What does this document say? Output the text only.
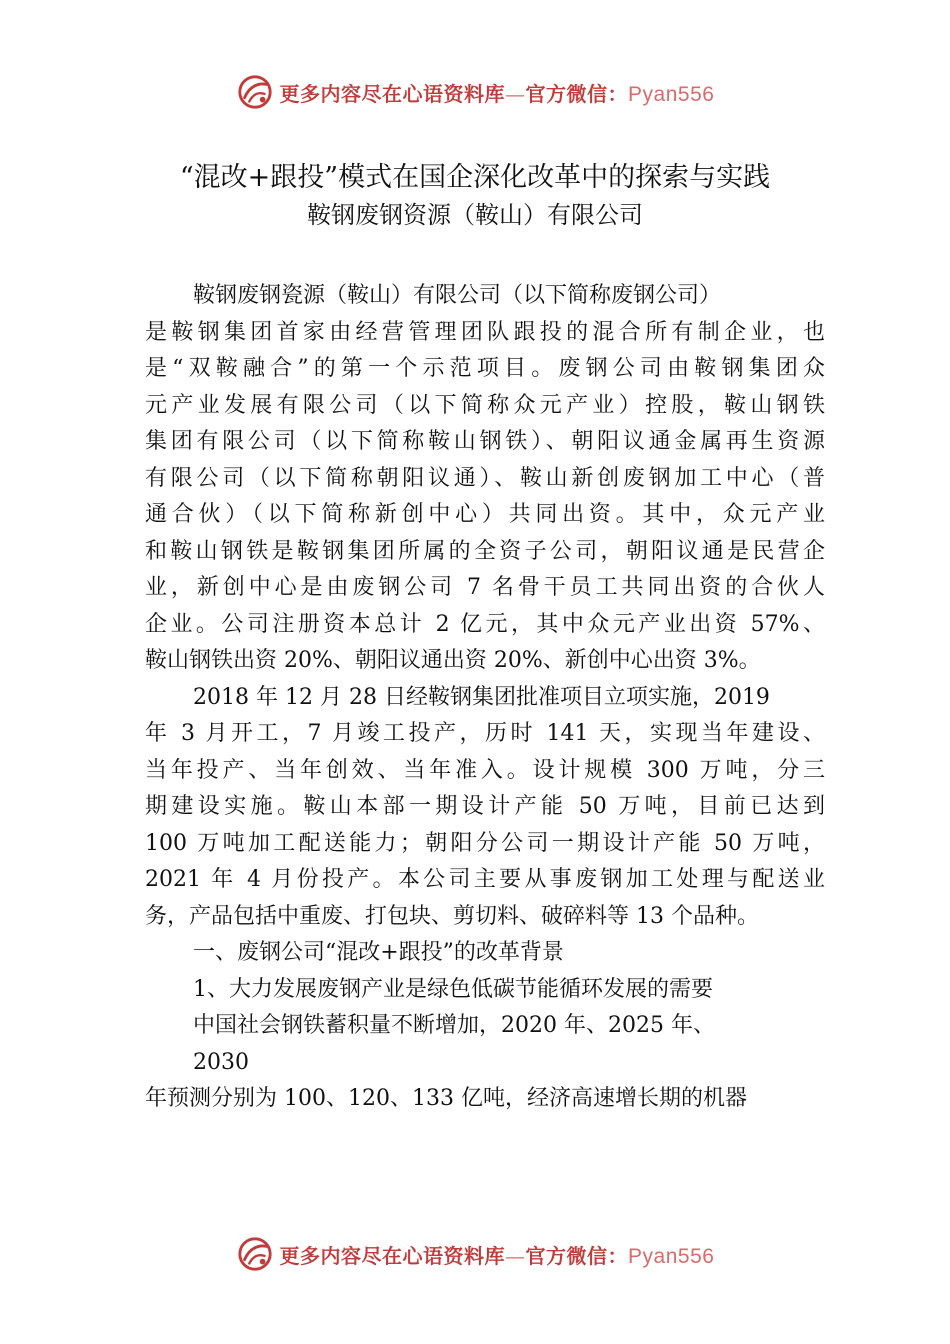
更多内容尽在心语资料库—官方微信：Pyan556
“混改+跟投”模式在国企深化改革中的探索与实践
鞍钢废钢资源（鞍山）有限公司
鞍钢废钢瓷源（鞍山）有限公司（以下简称废钢公司）
是鞍钢集团首家由经营管理团队跟投的混合所有制企业，也
是“双鞍融合”的第一个示范项目。废钢公司由鞍钢集团众
元产业发展有限公司（以下简称众元产业）控股，鞍山钢铁
集团有限公司（以下简称鞍山钢铁）、朝阳议通金属再生资源
有限公司（以下简称朝阳议通）、鞍山新创废钢加工中心（普
通合伙）（以下简称新创中心）共同出资。其中，众元产业
和鞍山钢铁是鞍钢集团所属的全资子公司，朝阳议通是民营企
业，新创中心是由废钢公司 7 名骨干员工共同出资的合伙人
企业。公司注册资本总计 2 亿元，其中众元产业出资 57%、
鞍山钢铁出资 20%、朝阳议通出资 20%、新创中心出资 3%。
2018 年 12 月 28 日经鞍钢集团批准项目立项实施，2019
年 3 月开工，7 月竣工投产，历时 141 天，实现当年建设、
当年投产、当年创效、当年准入。设计规模 300 万吨，分三
期建设实施。鞍山本部一期设计产能 50 万吨，目前已达到
100 万吨加工配送能力；朝阳分公司一期设计产能 50 万吨，
2021 年 4 月份投产。本公司主要从事废钢加工处理与配送业
务，产品包括中重废、打包块、剪切料、破碎料等 13 个品种。
一、废钢公司“混改+跟投”的改革背景
1、大力发展废钢产业是绿色低碳节能循环发展的需要
中国社会钢铁蓄积量不断增加，2020 年、2025 年、
2030
年预测分别为 100、120、133 亿吨，经济高速增长期的机器
更多内容尽在心语资料库—官方微信：Pyan556
